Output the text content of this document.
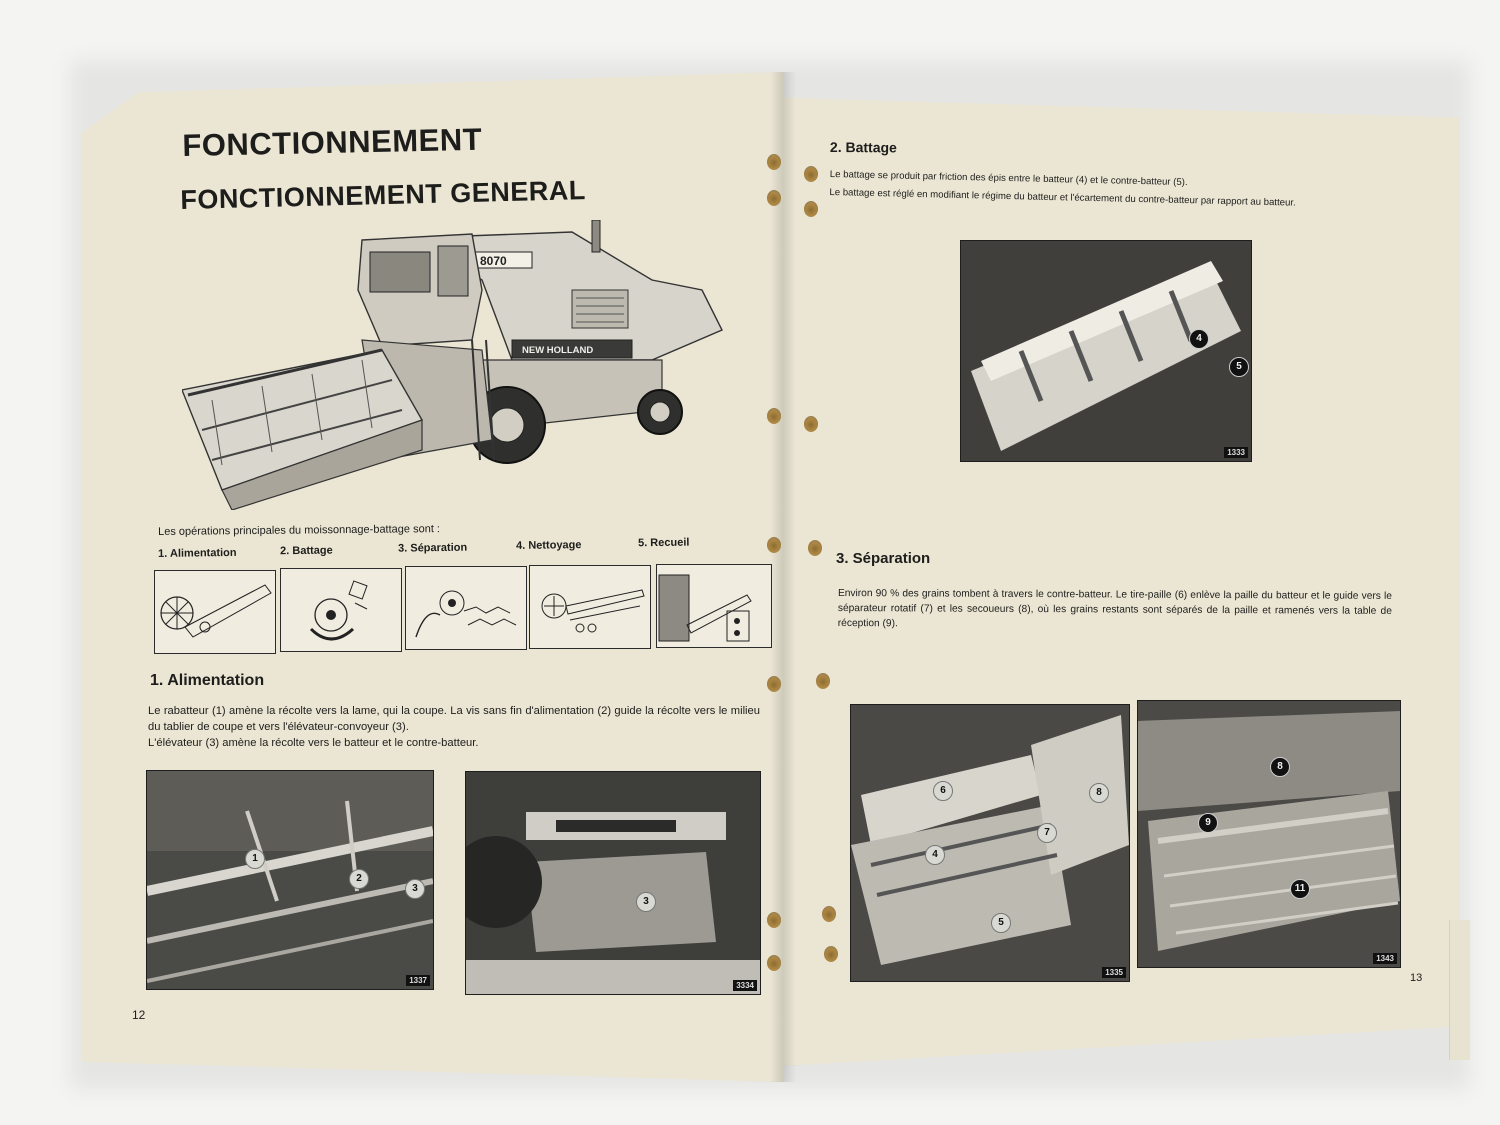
FONCTIONNEMENT
FONCTIONNEMENT GENERAL
8070
NEW HOLLAND
Les opérations principales du moissonnage-battage sont :
1. Alimentation	2. Battage	3. Séparation	4. Nettoyage	5. Recueil
1. Alimentation

Le rabatteur (1) amène la récolte vers la lame, qui la coupe. La vis sans fin d'alimentation (2) guide la récolte vers le milieu du tablier de coupe et vers l'élévateur-convoyeur (3).

L'élévateur (3) amène la récolte vers le batteur et le contre-batteur.

1
2
3
1337
3
3334
12
2. Battage

Le battage se produit par friction des épis entre le batteur (4) et le contre-batteur (5).

Le battage est réglé en modifiant le régime du batteur et l'écartement du contre-batteur par rapport au batteur.

4
5
1333
3. Séparation
Environ 90 % des grains tombent à travers le contre-batteur. Le tire-paille (6) enlève la paille du batteur et le guide vers le séparateur rotatif (7) et les secoueurs (8), où les grains restants sont séparés de la paille et ramenés vers la table de réception (9).
6
7
8
4
5
1335
8
9
11
1343
13
